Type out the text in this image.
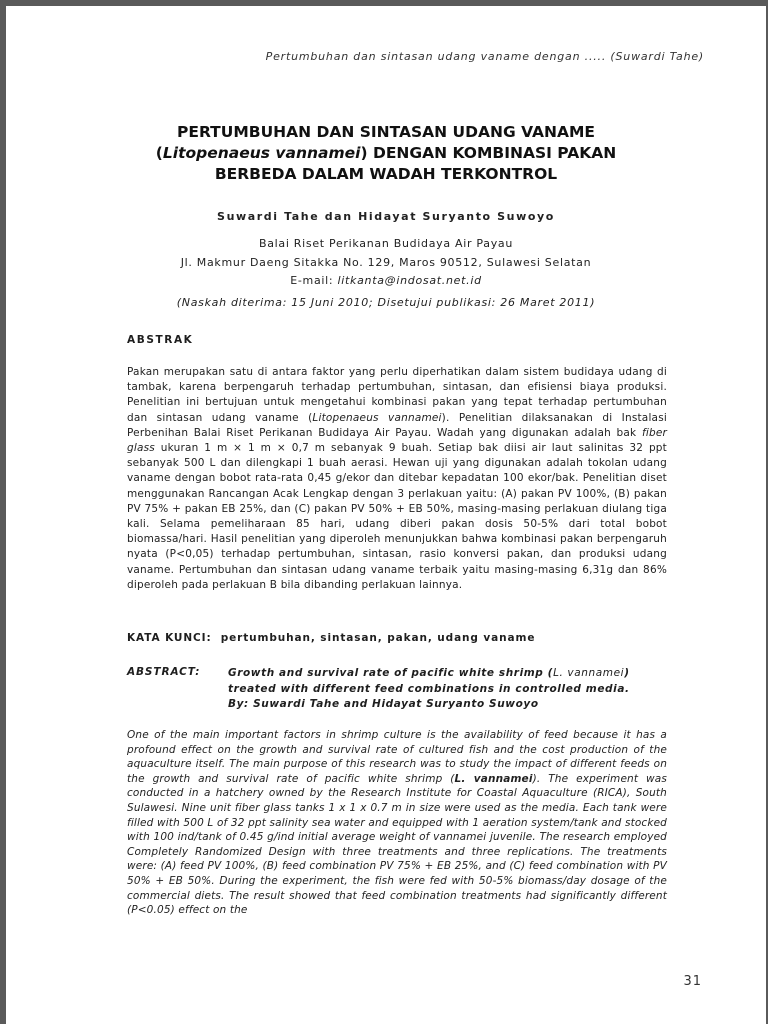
Pertumbuhan dan sintasan udang vaname dengan ..... (Suwardi Tahe)
PERTUMBUHAN DAN SINTASAN UDANG VANAME
(Litopenaeus vannamei) DENGAN KOMBINASI PAKAN
BERBEDA DALAM WADAH TERKONTROL
Suwardi Tahe dan Hidayat Suryanto Suwoyo
Balai Riset Perikanan Budidaya Air Payau
Jl. Makmur Daeng Sitakka No. 129, Maros 90512, Sulawesi Selatan
E-mail: litkanta@indosat.net.id
(Naskah diterima: 15 Juni 2010; Disetujui publikasi: 26 Maret 2011)
ABSTRAK
Pakan merupakan satu di antara faktor yang perlu diperhatikan dalam sistem budidaya udang di tambak, karena berpengaruh terhadap pertumbuhan, sintasan, dan efisiensi biaya produksi. Penelitian ini bertujuan untuk mengetahui kombinasi pakan yang tepat terhadap pertumbuhan dan sintasan udang vaname (Litopenaeus vannamei). Penelitian dilaksanakan di Instalasi Perbenihan Balai Riset Perikanan Budidaya Air Payau. Wadah yang digunakan adalah bak fiber glass ukuran 1 m × 1 m × 0,7 m sebanyak 9 buah. Setiap bak diisi air laut salinitas 32 ppt sebanyak 500 L dan dilengkapi 1 buah aerasi. Hewan uji yang digunakan adalah tokolan udang vaname dengan bobot rata-rata 0,45 g/ekor dan ditebar kepadatan 100 ekor/bak. Penelitian diset menggunakan Rancangan Acak Lengkap dengan 3 perlakuan yaitu: (A) pakan PV 100%, (B) pakan PV 75% + pakan EB 25%, dan (C) pakan PV 50% + EB 50%, masing-masing perlakuan diulang tiga kali. Selama pemeliharaan 85 hari, udang diberi pakan dosis 50-5% dari total bobot biomassa/hari. Hasil penelitian yang diperoleh menunjukkan bahwa kombinasi pakan berpengaruh nyata (P<0,05) terhadap pertumbuhan, sintasan, rasio konversi pakan, dan produksi udang vaname. Pertumbuhan dan sintasan udang vaname terbaik yaitu masing-masing 6,31g dan 86% diperoleh pada perlakuan B bila dibanding perlakuan lainnya.
KATA KUNCI: pertumbuhan, sintasan, pakan, udang vaname
ABSTRACT:	Growth and survival rate of pacific white shrimp (L. vannamei) treated with different feed combinations in controlled media.
By: Suwardi Tahe and Hidayat Suryanto Suwoyo
One of the main important factors in shrimp culture is the availability of feed because it has a profound effect on the growth and survival rate of cultured fish and the cost production of the aquaculture itself. The main purpose of this research was to study the impact of different feeds on the growth and survival rate of pacific white shrimp (L. vannamei). The experiment was conducted in a hatchery owned by the Research Institute for Coastal Aquaculture (RICA), South Sulawesi. Nine unit fiber glass tanks 1 x 1 x 0.7 m in size were used as the media. Each tank were filled with 500 L of 32 ppt salinity sea water and equipped with 1 aeration system/tank and stocked with 100 ind/tank of 0.45 g/ind initial average weight of vannamei juvenile. The research employed Completely Randomized Design with three treatments and three replications. The treatments were: (A) feed PV 100%, (B) feed combination PV 75% + EB 25%, and (C) feed combination with PV 50% + EB 50%. During the experiment, the fish were fed with 50-5% biomass/day dosage of the commercial diets. The result showed that feed combination treatments had significantly different (P<0.05) effect on the
31
